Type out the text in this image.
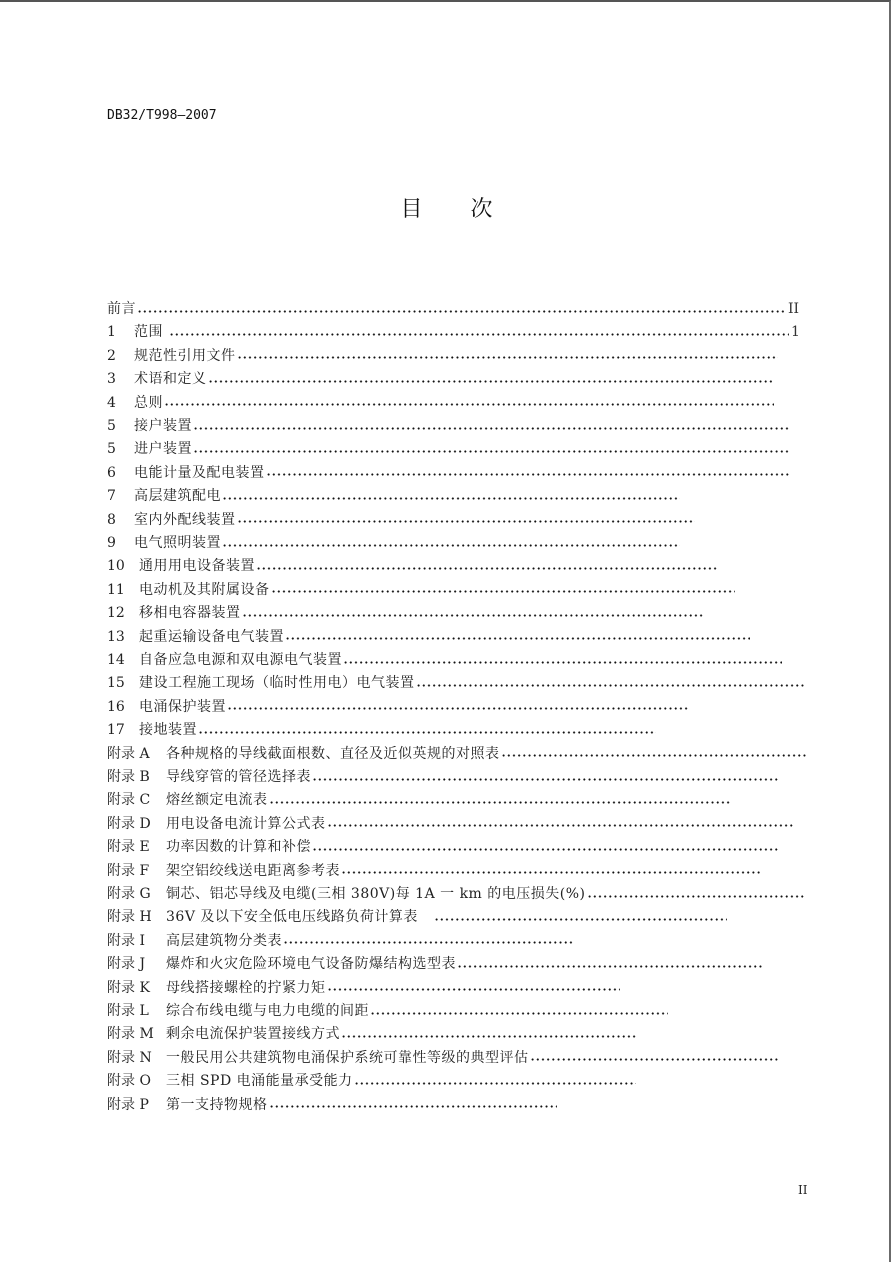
DB32/T998—2007
目 次
前言	II
1	范围	1
2	规范性引用文件
3	术语和定义
4	总则
5	接户装置
5	进户装置
6	电能计量及配电装置
7	高层建筑配电
8	室内外配线装置
9	电气照明装置
10	通用用电设备装置
11	电动机及其附属设备
12	移相电容器装置
13	起重运输设备电气装置
14	自备应急电源和双电源电气装置
15	建设工程施工现场（临时性用电）电气装置
16	电涌保护装置
17	接地装置
附录 A	各种规格的导线截面根数、直径及近似英规的对照表
附录 B	导线穿管的管径选择表
附录 C	熔丝额定电流表
附录 D	用电设备电流计算公式表
附录 E	功率因数的计算和补偿
附录 F	架空铝绞线送电距离参考表
附录 G	铜芯、铝芯导线及电缆(三相 380V)每 1A 一 km 的电压损失(%)
附录 H	36V 及以下安全低电压线路负荷计算表
附录 I	高层建筑物分类表
附录 J	爆炸和火灾危险环境电气设备防爆结构选型表
附录 K	母线搭接螺栓的拧紧力矩
附录 L	综合布线电缆与电力电缆的间距
附录 M 剩余电流保护装置接线方式
附录 N	一般民用公共建筑物电涌保护系统可靠性等级的典型评估
附录 O	三相 SPD 电涌能量承受能力
附录 P	第一支持物规格
II
